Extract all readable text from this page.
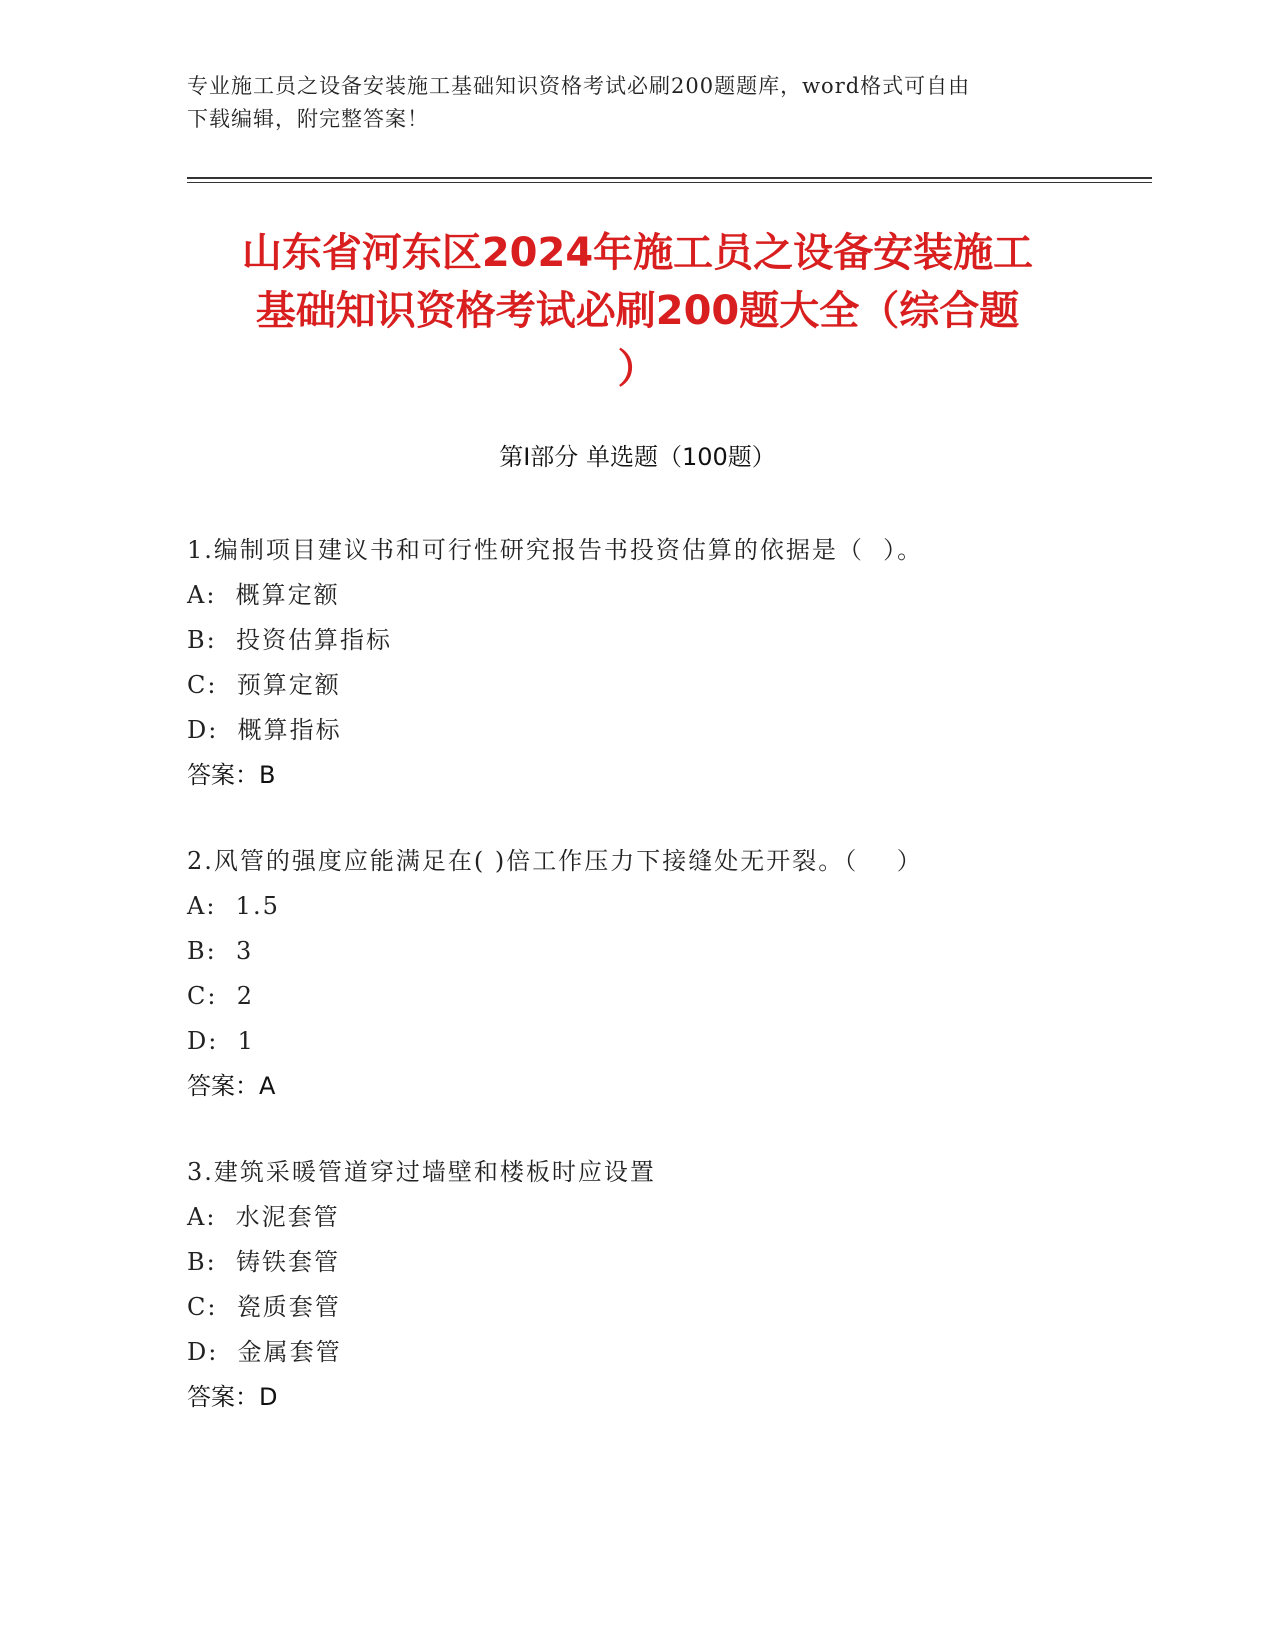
专业施工员之设备安装施工基础知识资格考试必刷200题题库，word格式可自由
下载编辑，附完整答案！
山东省河东区2024年施工员之设备安装施工
基础知识资格考试必刷200题大全（综合题
）
第Ⅰ部分 单选题（100题）
1.编制项目建议书和可行性研究报告书投资估算的依据是（  ）。
A:  概算定额
B:  投资估算指标
C:  预算定额
D:  概算指标
答案：B
2.风管的强度应能满足在( )倍工作压力下接缝处无开裂。（    ）
A:  1.5
B:  3
C:  2
D:  1
答案：A
3.建筑采暖管道穿过墙壁和楼板时应设置
A:  水泥套管
B:  铸铁套管
C:  瓷质套管
D:  金属套管
答案：D
